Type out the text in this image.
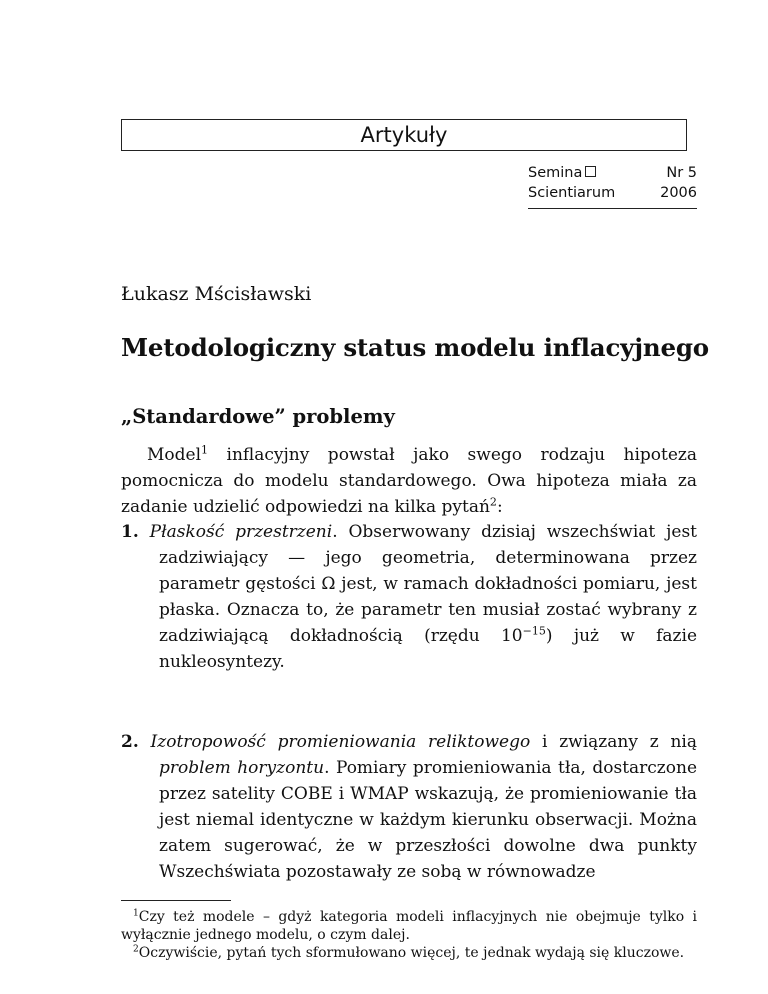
Artykuły
Semina	Nr 5
Scientiarum	2006
Łukasz Mścisławski
Metodologiczny status modelu inflacyjnego
„Standardowe” problemy
Model$^1$ inflacyjny powstał jako swego rodzaju hipoteza pomocnicza do modelu standardowego. Owa hipoteza miała za zadanie udzielić odpowiedzi na kilka pytań$^2$:
1. Płaskość przestrzeni. Obserwowany dzisiaj wszechświat jest zadziwiający — jego geometria, determinowana przez parametr gęstości Ω jest, w ramach dokładności pomiaru, jest płaska. Oznacza to, że parametr ten musiał zostać wybrany z zadziwiającą dokładnością (rzędu $10^{-15}$) już w fazie nukleosyntezy.
2. Izotropowość promieniowania reliktowego i związany z nią problem horyzontu. Pomiary promieniowania tła, dostarczone przez satelity COBE i WMAP wskazują, że promieniowanie tła jest niemal identyczne w każdym kierunku obserwacji. Można zatem sugerować, że w przeszłości dowolne dwa punkty Wszechświata pozostawały ze sobą w równowadze
$^1$Czy też modele – gdyż kategoria modeli inflacyjnych nie obejmuje tylko i wyłącznie jednego modelu, o czym dalej.
$^2$Oczywiście, pytań tych sformułowano więcej, te jednak wydają się kluczowe.
